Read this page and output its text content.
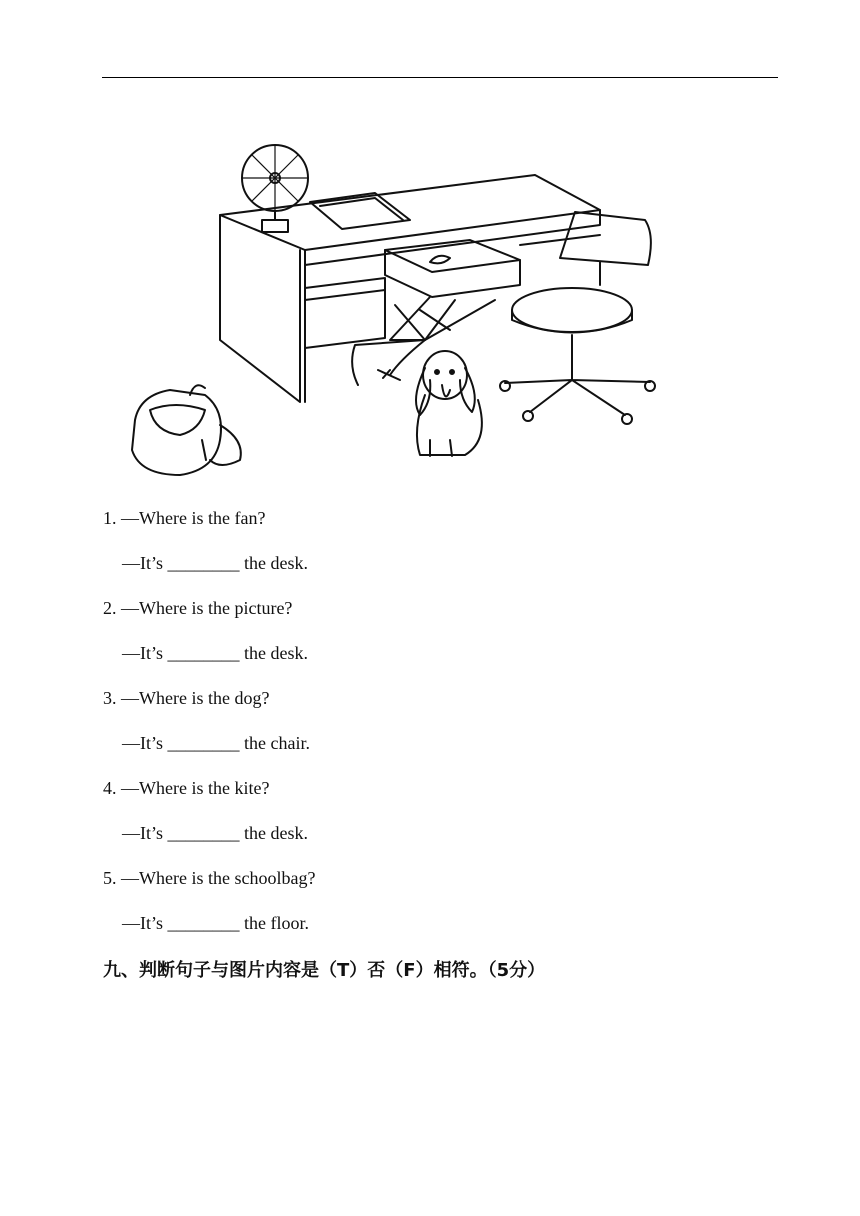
1. —Where is the fan?
—It’s ________ the desk.
2. —Where is the picture?
—It’s ________ the desk.
3. —Where is the dog?
—It’s ________ the chair.
4. —Where is the kite?
—It’s ________ the desk.
5. —Where is the schoolbag?
—It’s ________ the floor.
九、判断句子与图片内容是（T）否（F）相符。（5分）
